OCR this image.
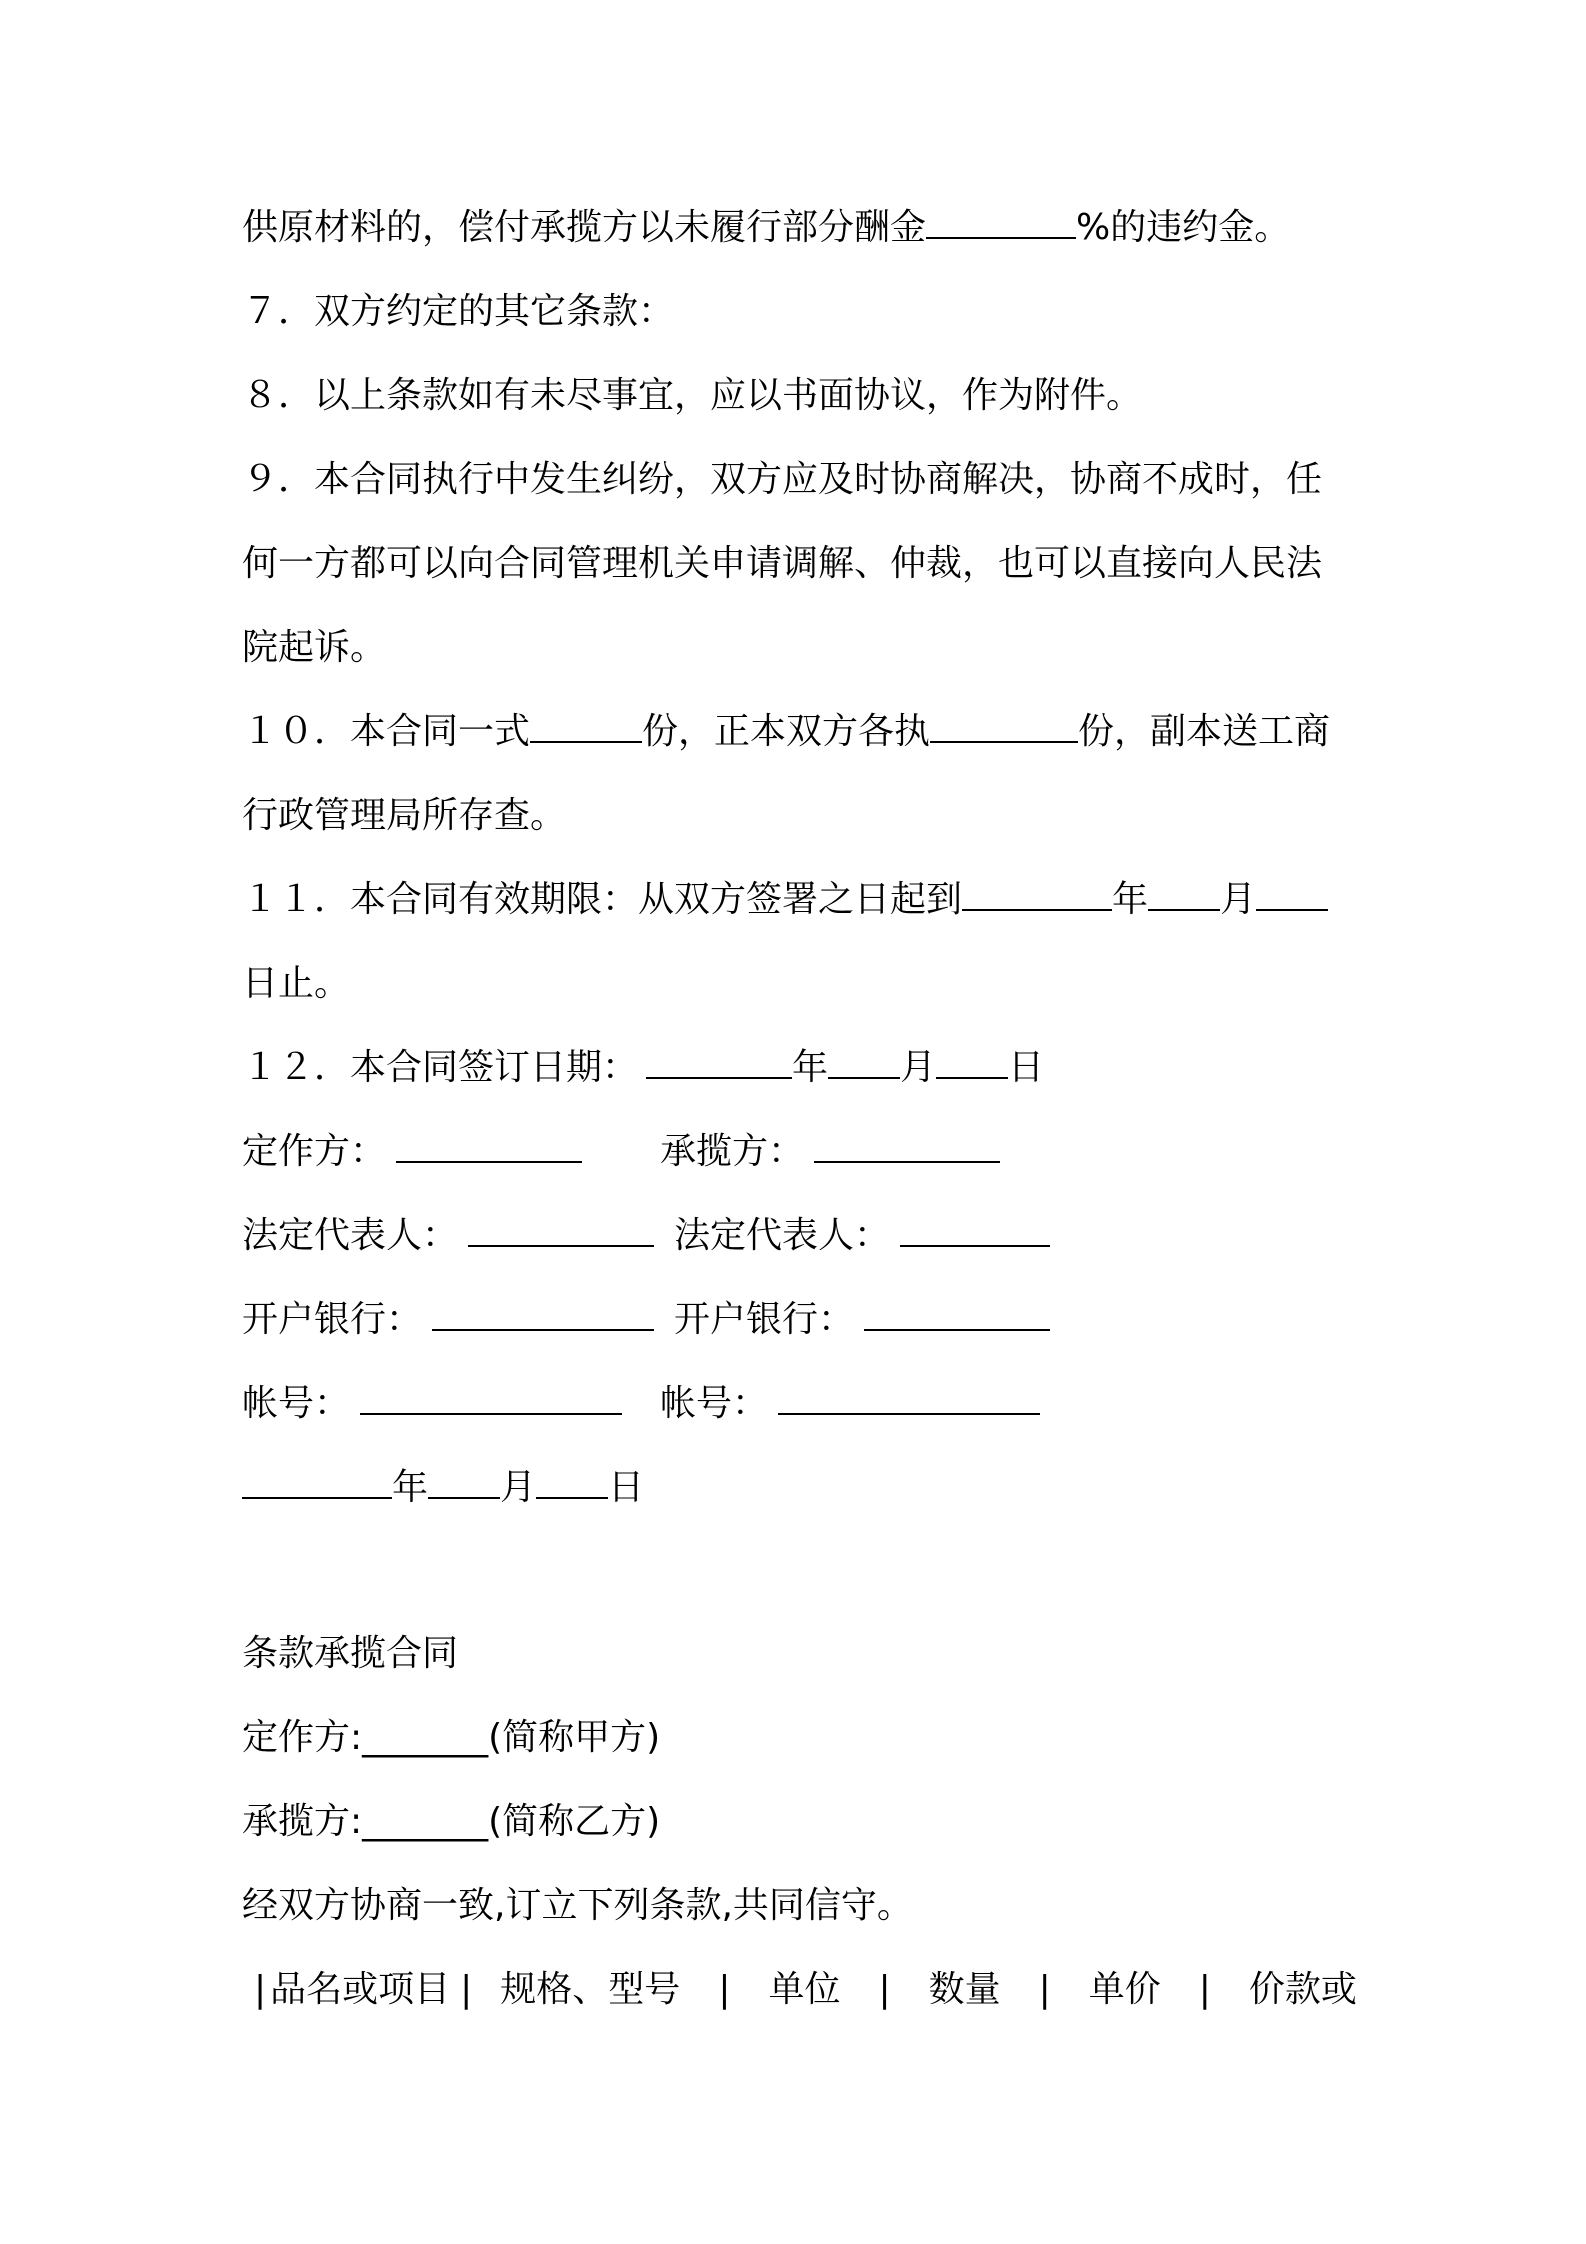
供原材料的，偿付承揽方以未履行部分酬金	%的违约金。
７．双方约定的其它条款：
８．以上条款如有未尽事宜，应以书面协议，作为附件。
９．本合同执行中发生纠纷，双方应及时协商解决，协商不成时，任
何一方都可以向合同管理机关申请调解、仲裁，也可以直接向人民法
院起诉。
１０．本合同一式	份，正本双方各执	份，副本送工商
行政管理局所存查。
１１．本合同有效期限：从双方签署之日起到	年 月
日止。
１２．本合同签订日期：	年 月 日
定作方：	承揽方：
法定代表人：	法定代表人：
开户银行：	开户银行：
帐号：	帐号：
年 月 日
条款承揽合同
定作方:_______(简称甲方)
承揽方:_______(简称乙方)
经双方协商一致,订立下列条款,共同信守。
| 品名或项目 | 规格、型号 | 单位 | 数量 | 单价 | 价款或
